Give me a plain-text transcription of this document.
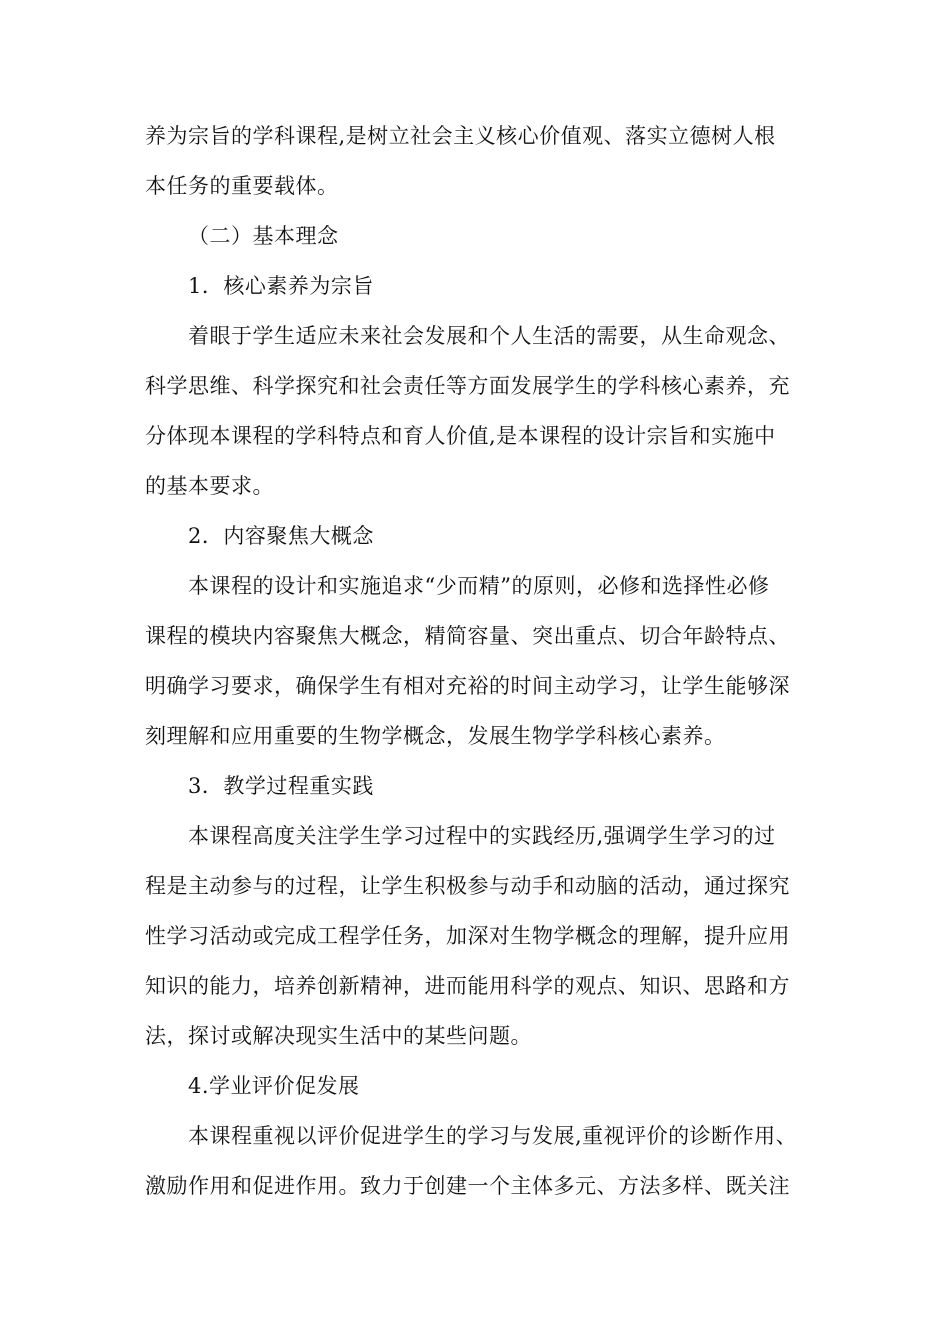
养为宗旨的学科课程,是树立社会主义核心价值观、落实立德树人根
本任务的重要载体。
（二）基本理念
1．核心素养为宗旨
着眼于学生适应未来社会发展和个人生活的需要，从生命观念、
科学思维、科学探究和社会责任等方面发展学生的学科核心素养，充
分体现本课程的学科特点和育人价值,是本课程的设计宗旨和实施中
的基本要求。
2．内容聚焦大概念
本课程的设计和实施追求“少而精”的原则，必修和选择性必修
课程的模块内容聚焦大概念，精简容量、突出重点、切合年龄特点、
明确学习要求，确保学生有相对充裕的时间主动学习，让学生能够深
刻理解和应用重要的生物学概念，发展生物学学科核心素养。
3．教学过程重实践
本课程高度关注学生学习过程中的实践经历,强调学生学习的过
程是主动参与的过程，让学生积极参与动手和动脑的活动，通过探究
性学习活动或完成工程学任务，加深对生物学概念的理解，提升应用
知识的能力，培养创新精神，进而能用科学的观点、知识、思路和方
法，探讨或解决现实生活中的某些问题。
4.学业评价促发展
本课程重视以评价促进学生的学习与发展,重视评价的诊断作用、
激励作用和促进作用。致力于创建一个主体多元、方法多样、既关注
